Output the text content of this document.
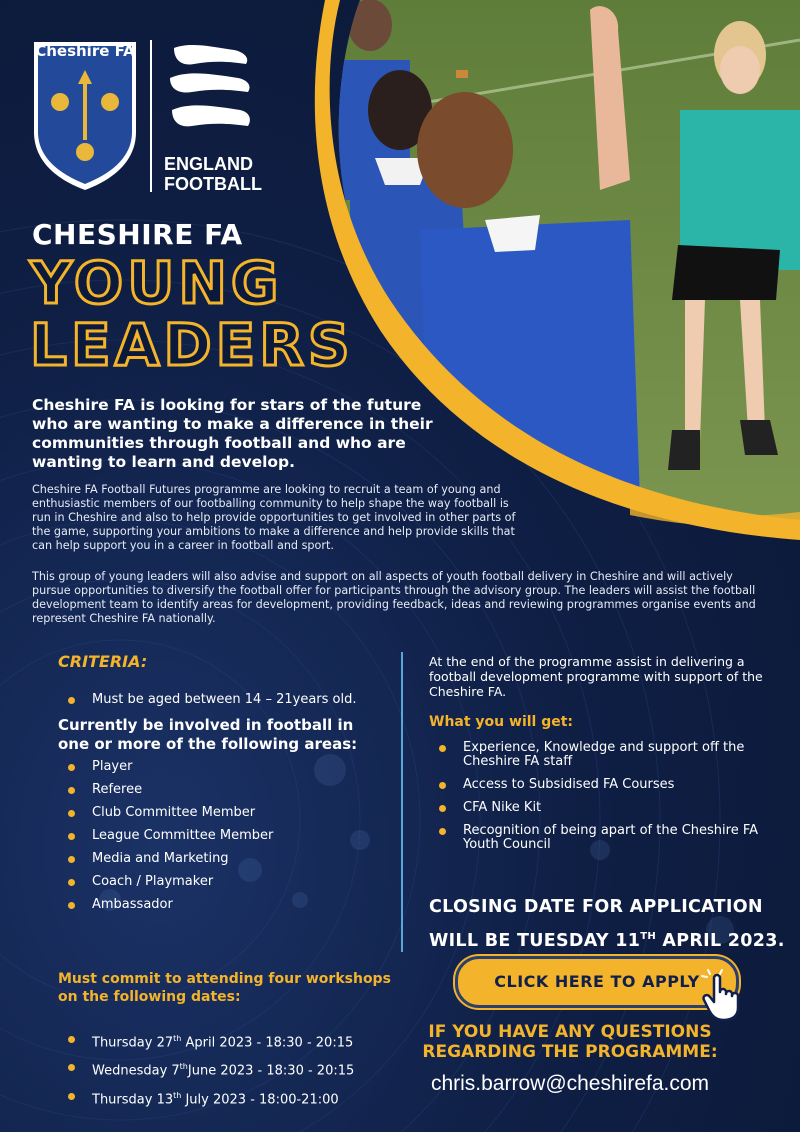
Cheshire FA
ENGLAND
FOOTBALL
CHESHIRE FA
YOUNG
LEADERS
Cheshire FA is looking for stars of the future who are wanting to make a difference in their communities through football and who are wanting to learn and develop.
Cheshire FA Football Futures programme are looking to recruit a team of young and enthusiastic members of our footballing community to help shape the way football is run in Cheshire and also to help provide opportunities to get involved in other parts of the game, supporting your ambitions to make a difference and help provide skills that can help support you in a career in football and sport.
This group of young leaders will also advise and support on all aspects of youth football delivery in Cheshire and will actively pursue opportunities to diversify the football offer for participants through the advisory group. The leaders will assist the football development team to identify areas for development, providing feedback, ideas and reviewing programmes organise events and represent Cheshire FA nationally.
CRITERIA:
Must be aged between 14 – 21years old.
Currently be involved in football in one or more of the following areas:
Player
Referee
Club Committee Member
League Committee Member
Media and Marketing
Coach / Playmaker
Ambassador
Must commit to attending four workshops on the following dates:
Thursday 27th April 2023 - 18:30 - 20:15
Wednesday 7thJune 2023 - 18:30 - 20:15
Thursday 13th July 2023 - 18:00-21:00
At the end of the programme assist in delivering a football development programme with support of the Cheshire FA.
What you will get:
Experience, Knowledge and support off the Cheshire FA staff
Access to Subsidised FA Courses
CFA Nike Kit
Recognition of being apart of the Cheshire FA Youth Council
CLOSING DATE FOR APPLICATION
WILL BE TUESDAY 11TH APRIL 2023.
CLICK HERE TO APPLY
IF YOU HAVE ANY QUESTIONS REGARDING THE PROGRAMME:
chris.barrow@cheshirefa.com
